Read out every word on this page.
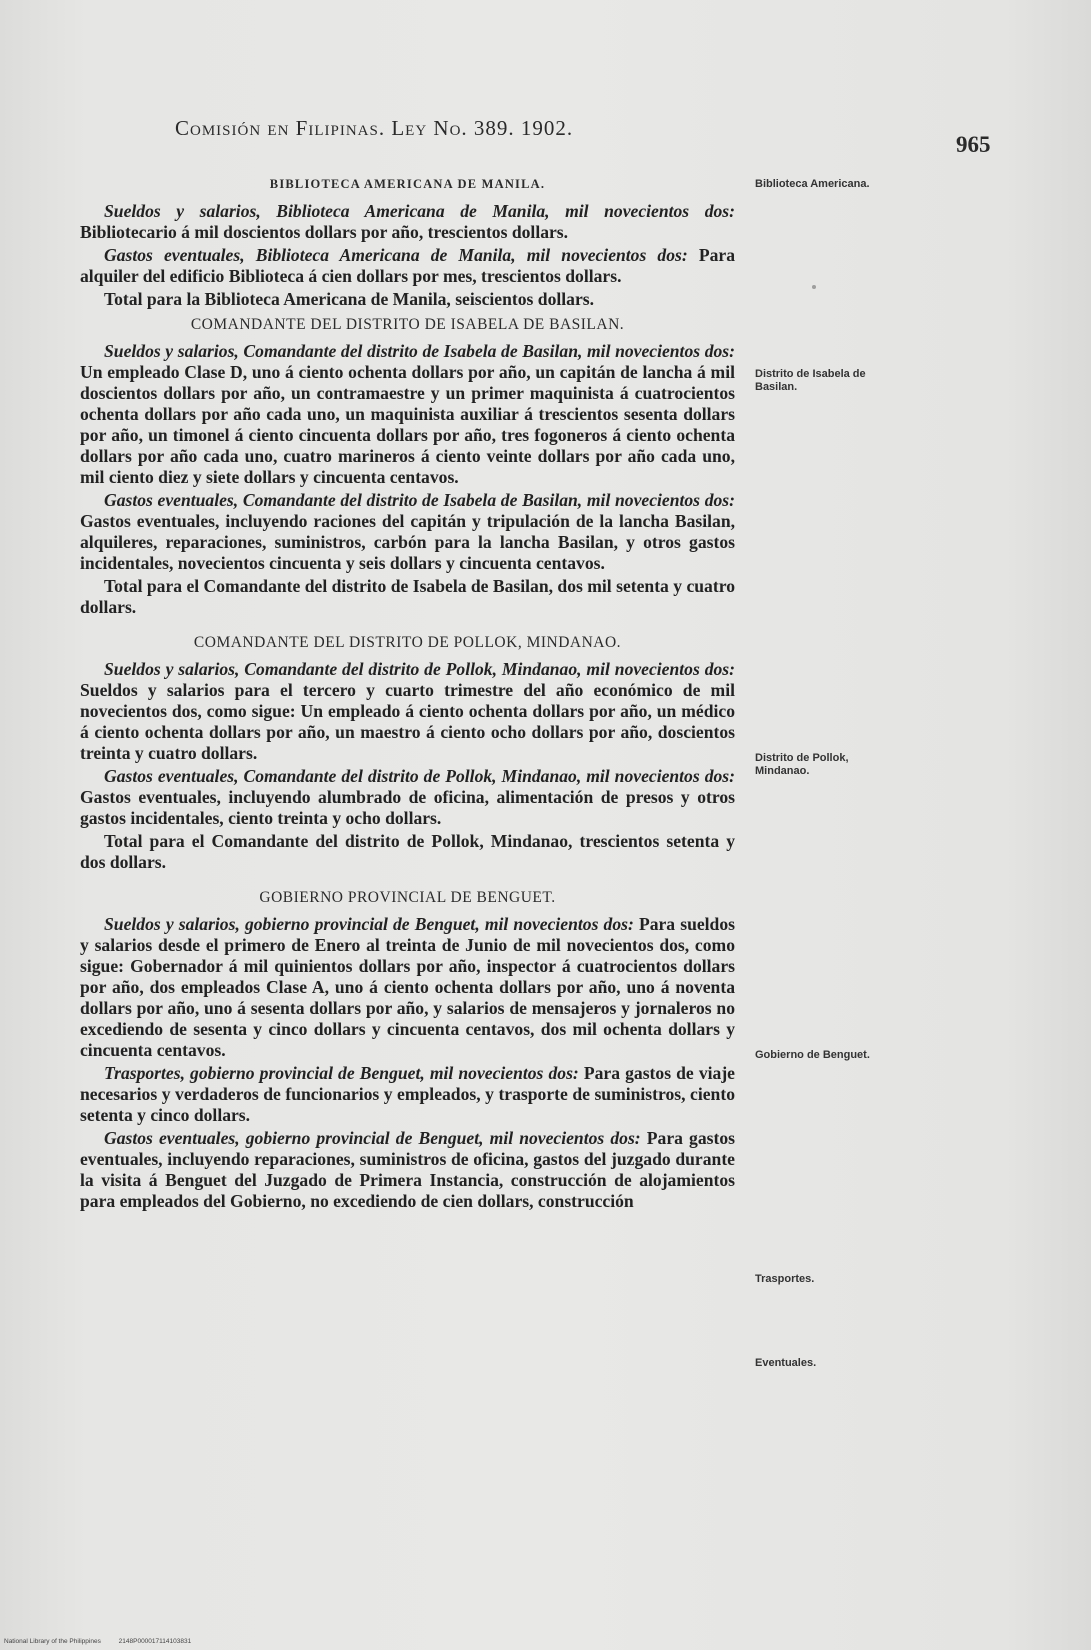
Comisión en Filipinas. Ley No. 389. 1902.
965
Biblioteca Americana.
Distrito de Isabela de Basilan.
Distrito de Pollok, Mindanao.
Gobierno de Benguet.
Trasportes.
Eventuales.
BIBLIOTECA AMERICANA DE MANILA.

Sueldos y salarios, Biblioteca Americana de Manila, mil novecientos dos: Bibliotecario á mil doscientos dollars por año, trescientos dollars.

Gastos eventuales, Biblioteca Americana de Manila, mil novecientos dos: Para alquiler del edificio Biblioteca á cien dollars por mes, trescientos dollars.

Total para la Biblioteca Americana de Manila, seiscientos dollars.

COMANDANTE DEL DISTRITO DE ISABELA DE BASILAN.

Sueldos y salarios, Comandante del distrito de Isabela de Basilan, mil novecientos dos: Un empleado Clase D, uno á ciento ochenta dollars por año, un capitán de lancha á mil doscientos dollars por año, un contramaestre y un primer maquinista á cuatrocientos ochenta dollars por año cada uno, un maquinista auxiliar á trescientos sesenta dollars por año, un timonel á ciento cincuenta dollars por año, tres fogoneros á ciento ochenta dollars por año cada uno, cuatro marineros á ciento veinte dollars por año cada uno, mil ciento diez y siete dollars y cincuenta centavos.

Gastos eventuales, Comandante del distrito de Isabela de Basilan, mil novecientos dos: Gastos eventuales, incluyendo raciones del capitán y tripulación de la lancha Basilan, alquileres, reparaciones, suministros, carbón para la lancha Basilan, y otros gastos incidentales, novecientos cincuenta y seis dollars y cincuenta centavos.

Total para el Comandante del distrito de Isabela de Basilan, dos mil setenta y cuatro dollars.

COMANDANTE DEL DISTRITO DE POLLOK, MINDANAO.

Sueldos y salarios, Comandante del distrito de Pollok, Mindanao, mil novecientos dos: Sueldos y salarios para el tercero y cuarto trimestre del año económico de mil novecientos dos, como sigue: Un empleado á ciento ochenta dollars por año, un médico á ciento ochenta dollars por año, un maestro á ciento ocho dollars por año, doscientos treinta y cuatro dollars.

Gastos eventuales, Comandante del distrito de Pollok, Mindanao, mil novecientos dos: Gastos eventuales, incluyendo alumbrado de oficina, alimentación de presos y otros gastos incidentales, ciento treinta y ocho dollars.

Total para el Comandante del distrito de Pollok, Mindanao, trescientos setenta y dos dollars.

GOBIERNO PROVINCIAL DE BENGUET.

Sueldos y salarios, gobierno provincial de Benguet, mil novecientos dos: Para sueldos y salarios desde el primero de Enero al treinta de Junio de mil novecientos dos, como sigue: Gobernador á mil quinientos dollars por año, inspector á cuatrocientos dollars por año, dos empleados Clase A, uno á ciento ochenta dollars por año, uno á noventa dollars por año, uno á sesenta dollars por año, y salarios de mensajeros y jornaleros no excediendo de sesenta y cinco dollars y cincuenta centavos, dos mil ochenta dollars y cincuenta centavos.

Trasportes, gobierno provincial de Benguet, mil novecientos dos: Para gastos de viaje necesarios y verdaderos de funcionarios y empleados, y trasporte de suministros, ciento setenta y cinco dollars.

Gastos eventuales, gobierno provincial de Benguet, mil novecientos dos: Para gastos eventuales, incluyendo reparaciones, suministros de oficina, gastos del juzgado durante la visita á Benguet del Juzgado de Primera Instancia, construcción de alojamientos para empleados del Gobierno, no excediendo de cien dollars, construcción

National Library of the Philippines	2148P000017114103831
